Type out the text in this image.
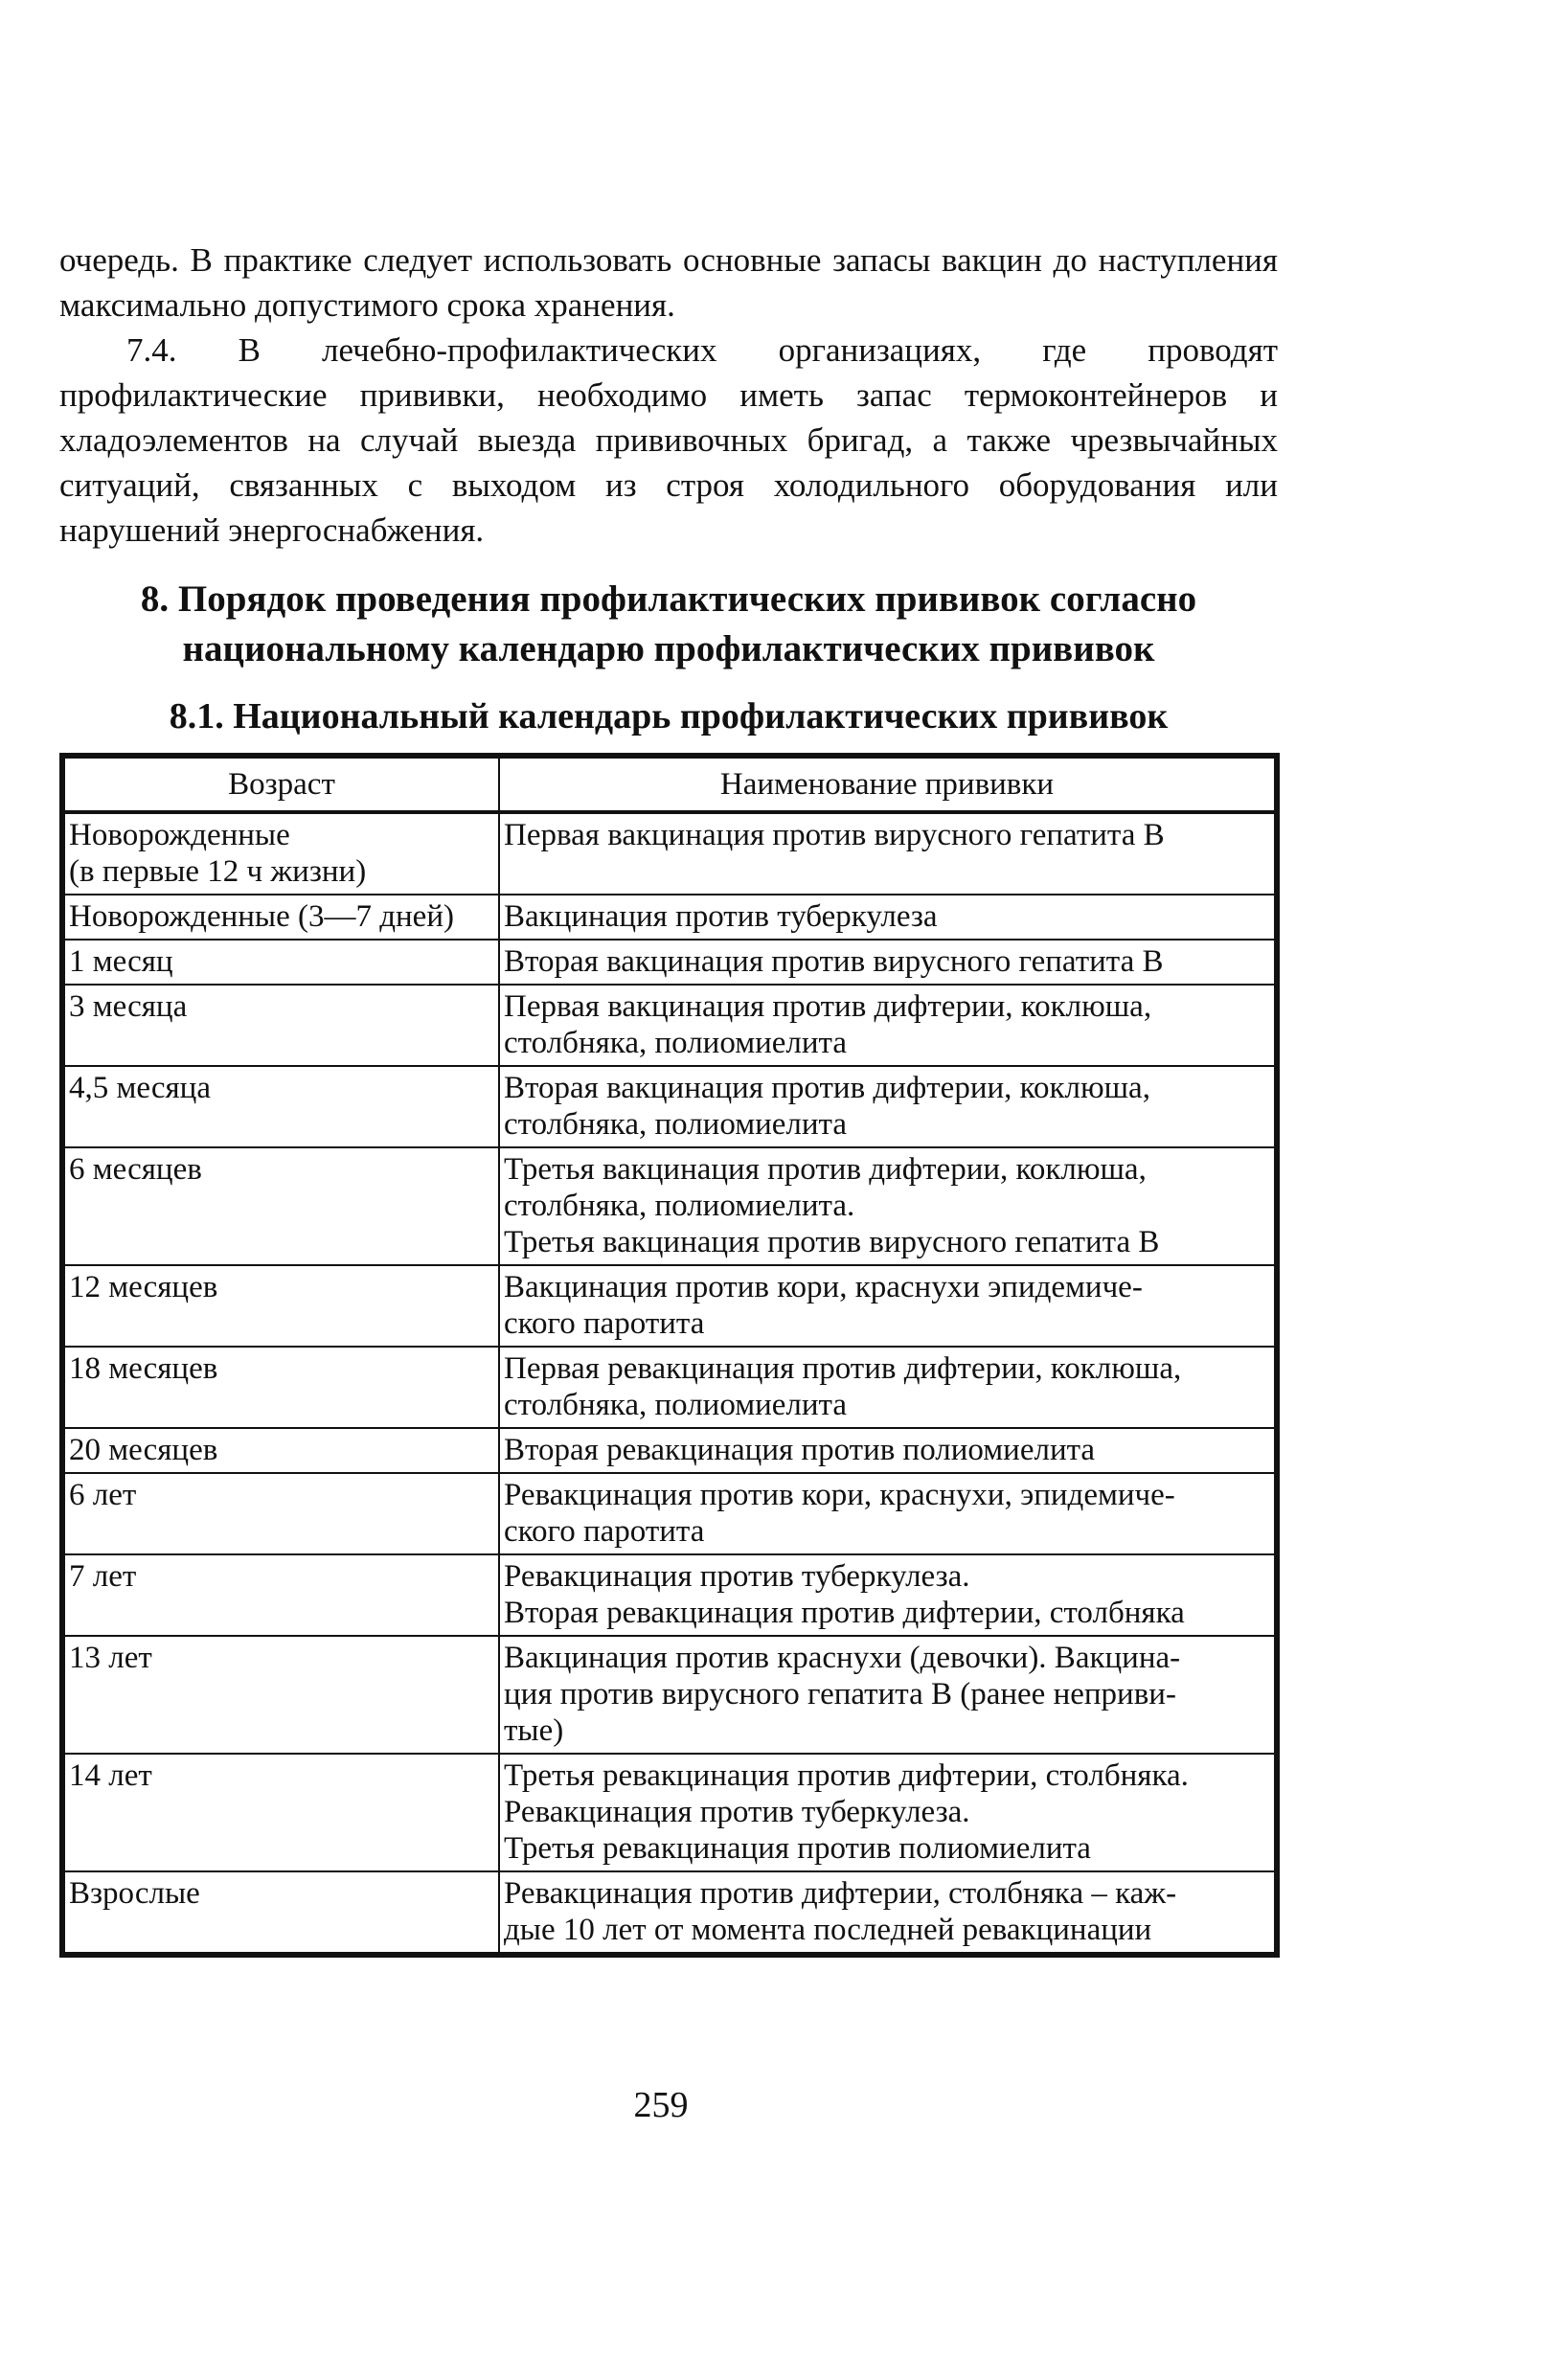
очередь. В практике следует использовать основные запасы вакцин до наступления максимально допустимого срока хранения.

7.4. В лечебно-профилактических организациях, где проводят профилактические прививки, необходимо иметь запас термоконтейнеров и хладоэлементов на случай выезда прививочных бригад, а также чрезвычайных ситуаций, связанных с выходом из строя холодильного оборудования или нарушений энергоснабжения.

8. Порядок проведения профилактических прививок согласно
национальному календарю профилактических прививок
8.1. Национальный календарь профилактических прививок
Возраст	Наименование прививки
Новорожденные
(в первые 12 ч жизни)	Первая вакцинация против вирусного гепатита В
Новорожденные (3—7 дней)	Вакцинация против туберкулеза
1 месяц	Вторая вакцинация против вирусного гепатита В
3 месяца	Первая вакцинация против дифтерии, коклюша,
столбняка, полиомиелита
4,5 месяца	Вторая вакцинация против дифтерии, коклюша,
столбняка, полиомиелита
6 месяцев	Третья вакцинация против дифтерии, коклюша,
столбняка, полиомиелита.
Третья вакцинация против вирусного гепатита В
12 месяцев	Вакцинация против кори, краснухи эпидемиче-
ского паротита
18 месяцев	Первая ревакцинация против дифтерии, коклюша,
столбняка, полиомиелита
20 месяцев	Вторая ревакцинация против полиомиелита
6 лет	Ревакцинация против кори, краснухи, эпидемиче-
ского паротита
7 лет	Ревакцинация против туберкулеза.
Вторая ревакцинация против дифтерии, столбняка
13 лет	Вакцинация против краснухи (девочки). Вакцина-
ция против вирусного гепатита В (ранее неприви-
тые)
14 лет	Третья ревакцинация против дифтерии, столбняка.
Ревакцинация против туберкулеза.
Третья ревакцинация против полиомиелита
Взрослые	Ревакцинация против дифтерии, столбняка – каж-
дые 10 лет от момента последней ревакцинации
259
